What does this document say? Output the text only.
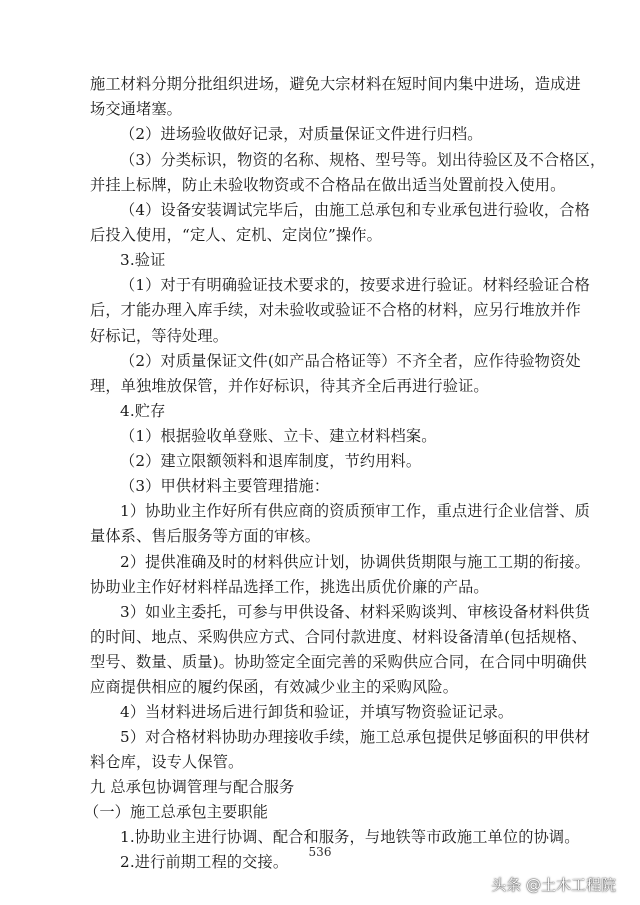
施工材料分期分批组织进场，避免大宗材料在短时间内集中进场，造成进
场交通堵塞。
（2）进场验收做好记录，对质量保证文件进行归档。
（3）分类标识，物资的名称、规格、型号等。划出待验区及不合格区，
并挂上标牌，防止未验收物资或不合格品在做出适当处置前投入使用。
（4）设备安装调试完毕后，由施工总承包和专业承包进行验收，合格
后投入使用，“定人、定机、定岗位”操作。
3.验证
（1）对于有明确验证技术要求的，按要求进行验证。材料经验证合格
后，才能办理入库手续，对未验收或验证不合格的材料，应另行堆放并作
好标记，等待处理。
（2）对质量保证文件(如产品合格证等）不齐全者，应作待验物资处
理，单独堆放保管，并作好标识，待其齐全后再进行验证。
4.贮存
（1）根据验收单登账、立卡、建立材料档案。
（2）建立限额领料和退库制度，节约用料。
（3）甲供材料主要管理措施：
1）协助业主作好所有供应商的资质预审工作，重点进行企业信誉、质
量体系、售后服务等方面的审核。
2）提供准确及时的材料供应计划，协调供货期限与施工工期的衔接。
协助业主作好材料样品选择工作，挑选出质优价廉的产品。
3）如业主委托，可参与甲供设备、材料采购谈判、审核设备材料供货
的时间、地点、采购供应方式、合同付款进度、材料设备清单(包括规格、
型号、数量、质量)。协助签定全面完善的采购供应合同，在合同中明确供
应商提供相应的履约保函，有效减少业主的采购风险。
4）当材料进场后进行卸货和验证，并填写物资验证记录。
5）对合格材料协助办理接收手续，施工总承包提供足够面积的甲供材
料仓库，设专人保管。
九 总承包协调管理与配合服务
（一）施工总承包主要职能
1.协助业主进行协调、配合和服务，与地铁等市政施工单位的协调。
2.进行前期工程的交接。
536
头条 @土木工程院
